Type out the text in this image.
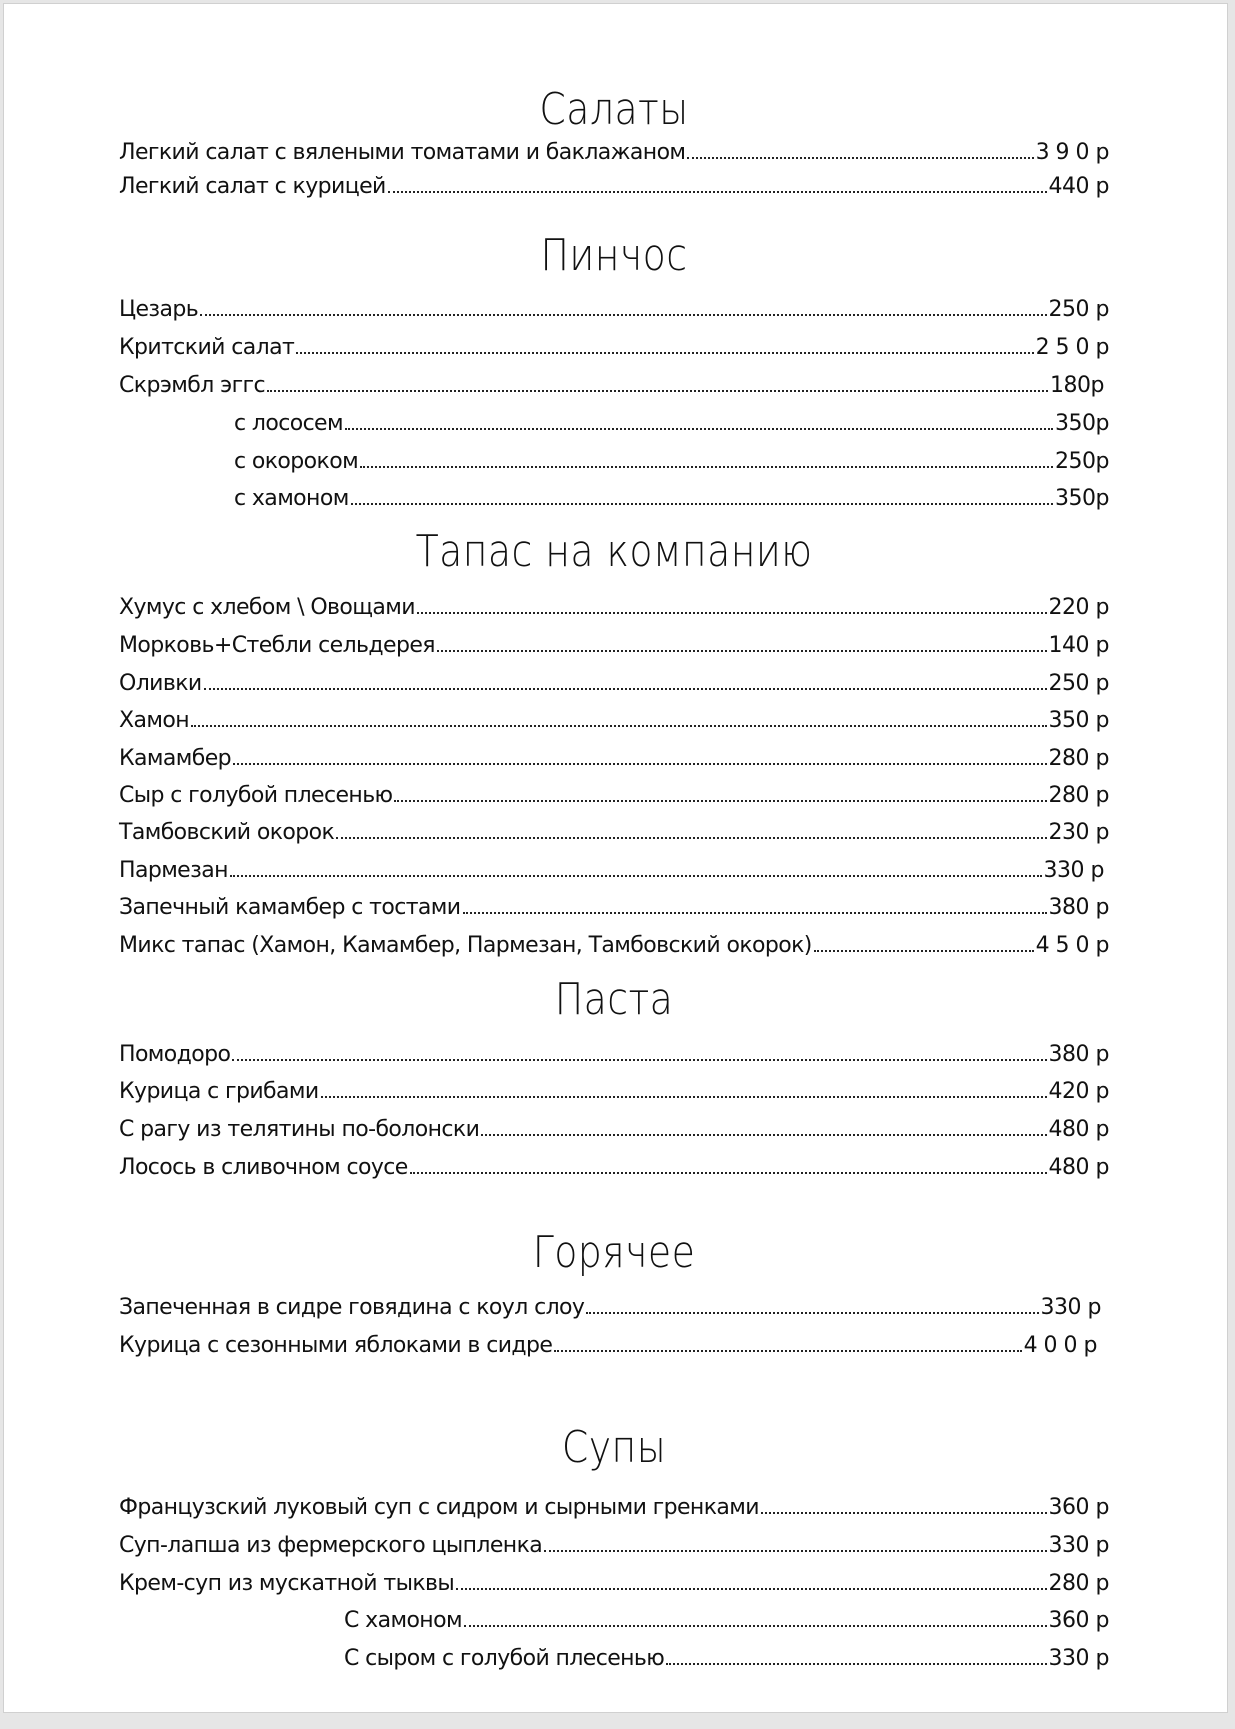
Салаты
Легкий салат с вялеными томатами и баклажаном	3 9 0 р
Легкий салат с курицей	440 р
Пинчос
Цезарь	250 р
Критский салат	2 5 0 р
Скрэмбл эггс	180р
с лососем	350р
с окороком	250р
с хамоном	350р
Тапас на компанию
Хумус с хлебом \ Овощами	220 р
Морковь+Стебли сельдерея	140 р
Оливки	250 р
Хамон	350 р
Камамбер	280 р
Сыр с голубой плесенью	280 р
Тамбовский окорок	230 р
Пармезан	330 р
Запечный камамбер с тостами	380 р
Микс тапас (Хамон, Камамбер, Пармезан, Тамбовский окорок)	4 5 0 р
Паста
Помодоро	380 р
Курица с грибами	420 р
С рагу из телятины по-болонски	480 р
Лосось в сливочном соусе	480 р
Горячее
Запеченная в сидре говядина с коул слоу	330 р
Курица с сезонными яблоками в сидре	4 0 0 р
Супы
Французский луковый суп с сидром и сырными гренками	360 р
Суп-лапша из фермерского цыпленка	330 р
Крем-суп из мускатной тыквы	280 р
С хамоном	360 р
С сыром с голубой плесенью	330 р
